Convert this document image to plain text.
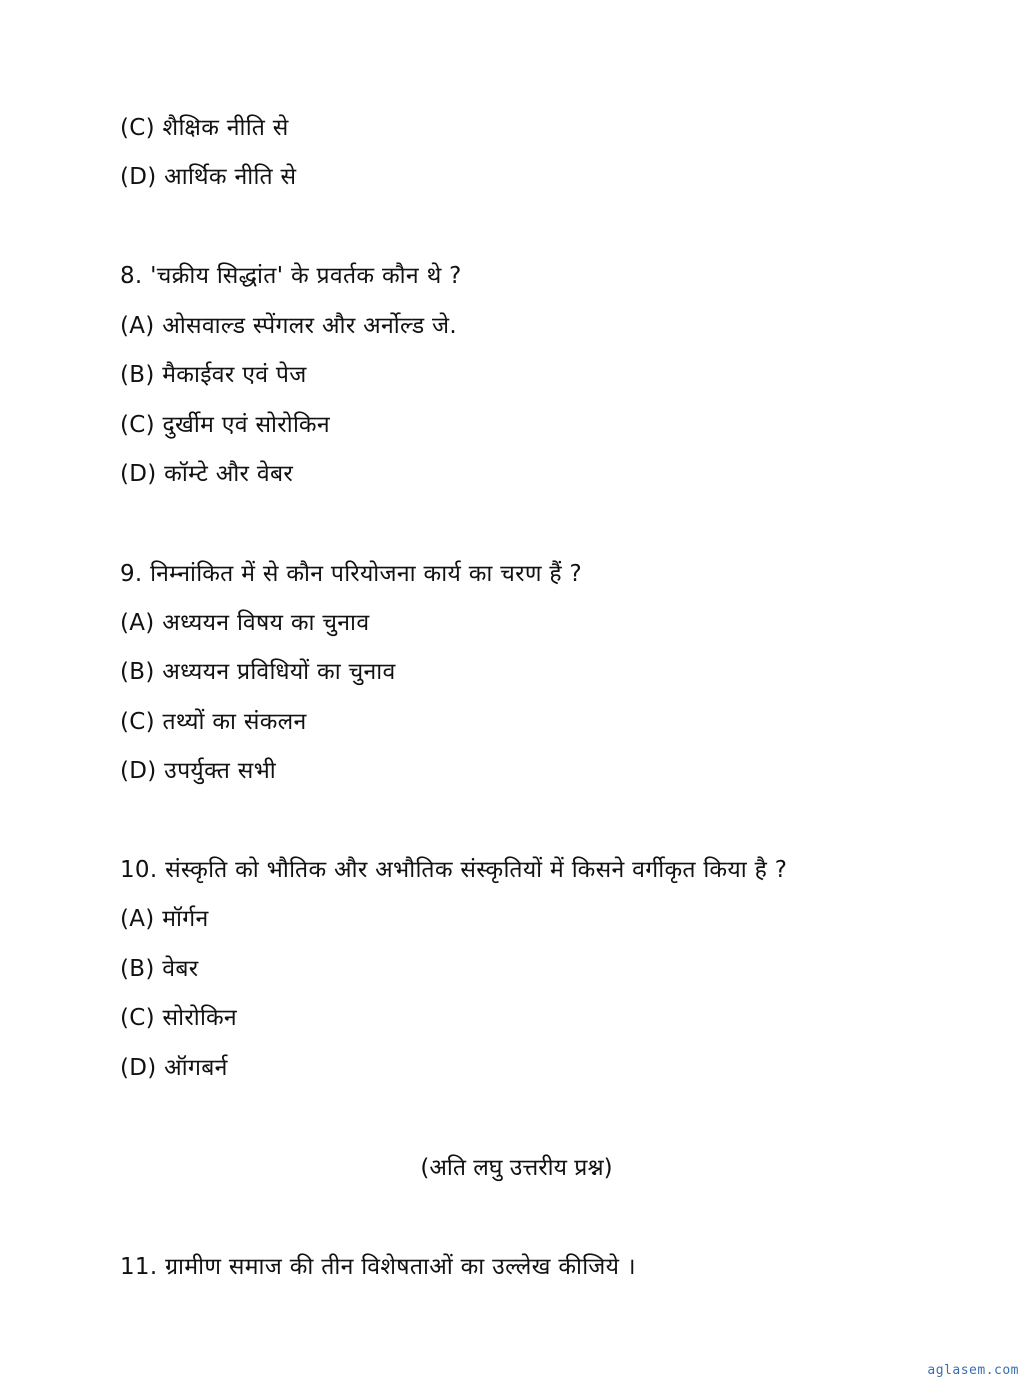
(C) शैक्षिक नीति से
(D) आर्थिक नीति से
8. 'चक्रीय सिद्धांत' के प्रवर्तक कौन थे ?
(A) ओसवाल्ड स्पेंगलर और अर्नोल्ड जे.
(B) मैकाईवर एवं पेज
(C) दुर्खीम एवं सोरोकिन
(D) कॉम्टे और वेबर
9. निम्नांकित में से कौन परियोजना कार्य का चरण हैं ?
(A) अध्ययन विषय का चुनाव
(B) अध्ययन प्रविधियों का चुनाव
(C) तथ्यों का संकलन
(D) उपर्युक्त सभी
10. संस्कृति को भौतिक और अभौतिक संस्कृतियों में किसने वर्गीकृत किया है ?
(A) मॉर्गन
(B) वेबर
(C) सोरोकिन
(D) ऑगबर्न
(अति लघु उत्तरीय प्रश्न)
11. ग्रामीण समाज की तीन विशेषताओं का उल्लेख कीजिये ।
aglasem.com
